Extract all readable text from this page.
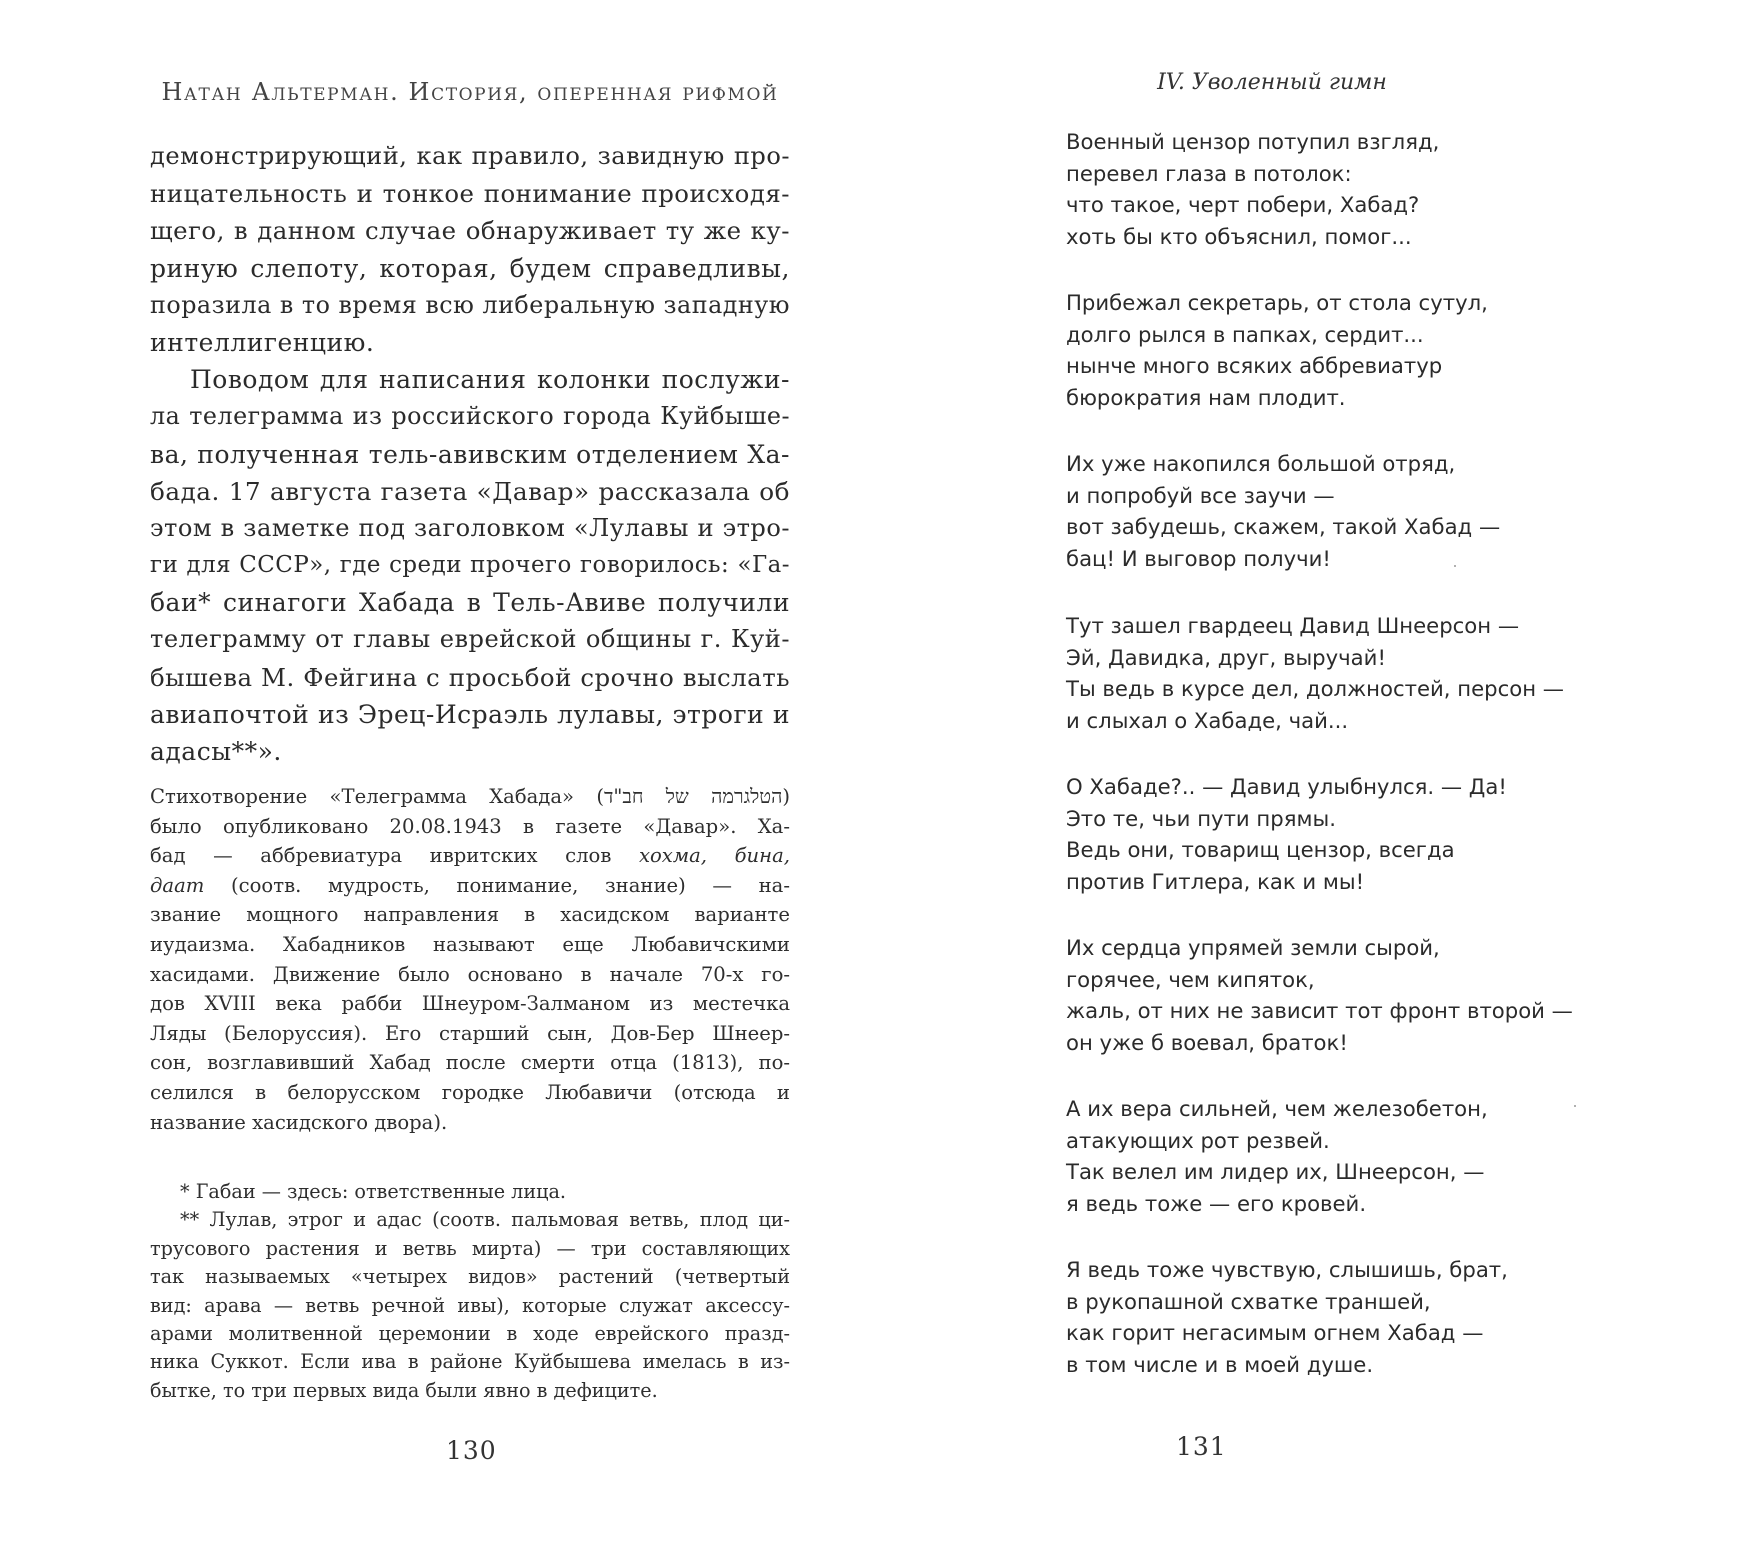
Натан Альтерман. История, оперенная рифмой
демонстрирующий, как правило, завидную про-
ницательность и тонкое понимание происходя-
щего, в данном случае обнаруживает ту же ку-
риную слепоту, которая, будем справедливы,
поразила в то время всю либеральную западную
интеллигенцию.
Поводом для написания колонки послужи-
ла телеграмма из российского города Куйбыше-
ва, полученная тель-авивским отделением Ха-
бада. 17 августа газета «Давар» рассказала об
этом в заметке под заголовком «Лулавы и этро-
ги для СССР», где среди прочего говорилось: «Га-
баи* синагоги Хабада в Тель-Авиве получили
телеграмму от главы еврейской общины г. Куй-
бышева М. Фейгина с просьбой срочно выслать
авиапочтой из Эрец-Исраэль лулавы, этроги и
адасы**».
Стихотворение «Телеграмма Хабада» (הטלגרמה של חב"ד)
было опубликовано 20.08.1943 в газете «Давар». Ха-
бад — аббревиатура ивритских слов хохма, бина,
даат (соотв. мудрость, понимание, знание) — на-
звание мощного направления в хасидском варианте
иудаизма. Хабадников называют еще Любавичскими
хасидами. Движение было основано в начале 70-х го-
дов XVIII века рабби Шнеуром-Залманом из местечка
Ляды (Белоруссия). Его старший сын, Дов-Бер Шнеер-
сон, возглавивший Хабад после смерти отца (1813), по-
селился в белорусском городке Любавичи (отсюда и
название хасидского двора).
* Габаи — здесь: ответственные лица.
** Лулав, этрог и адас (соотв. пальмовая ветвь, плод ци-
трусового растения и ветвь мирта) — три составляющих
так называемых «четырех видов» растений (четвертый
вид: арава — ветвь речной ивы), которые служат аксессу-
арами молитвенной церемонии в ходе еврейского празд-
ника Суккот. Если ива в районе Куйбышева имелась в из-
бытке, то три первых вида были явно в дефиците.
130
IV. Уволенный гимн
Военный цензор потупил взгляд,
перевел глаза в потолок:
что такое, черт побери, Хабад?
хоть бы кто объяснил, помог...
Прибежал секретарь, от стола сутул,
долго рылся в папках, сердит...
нынче много всяких аббревиатур
бюрократия нам плодит.
Их уже накопился большой отряд,
и попробуй все заучи —
вот забудешь, скажем, такой Хабад —
бац! И выговор получи!
Тут зашел гвардеец Давид Шнеерсон —
Эй, Давидка, друг, выручай!
Ты ведь в курсе дел, должностей, персон —
и слыхал о Хабаде, чай...
О Хабаде?.. — Давид улыбнулся. — Да!
Это те, чьи пути прямы.
Ведь они, товарищ цензор, всегда
против Гитлера, как и мы!
Их сердца упрямей земли сырой,
горячее, чем кипяток,
жаль, от них не зависит тот фронт второй —
он уже б воевал, браток!
А их вера сильней, чем железобетон,
атакующих рот резвей.
Так велел им лидер их, Шнеерсон, —
я ведь тоже — его кровей.
Я ведь тоже чувствую, слышишь, брат,
в рукопашной схватке траншей,
как горит негасимым огнем Хабад —
в том числе и в моей душе.
131
